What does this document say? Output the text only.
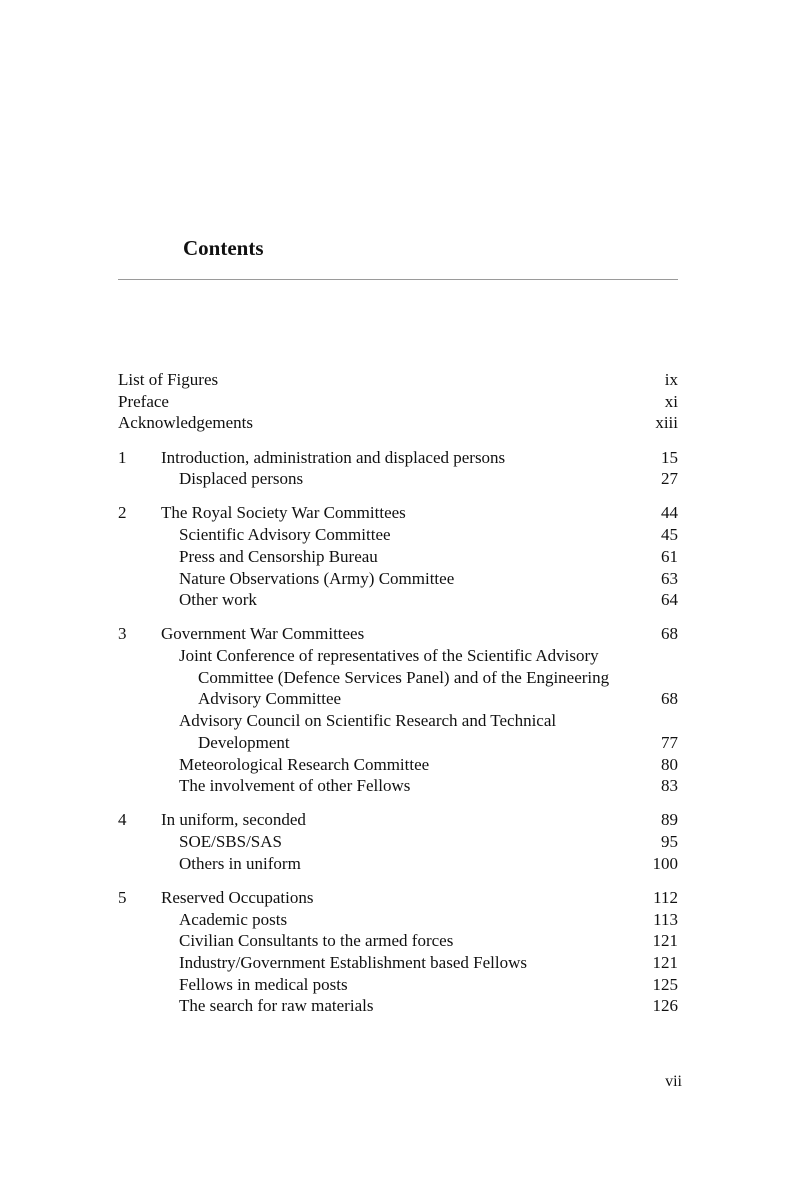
Contents
List of Figures	ix
Preface	xi
Acknowledgements	xiii
1 Introduction, administration and displaced persons	15
Displaced persons	27
2 The Royal Society War Committees	44
Scientific Advisory Committee	45
Press and Censorship Bureau	61
Nature Observations (Army) Committee	63
Other work	64
3 Government War Committees	68
Joint Conference of representatives of the Scientific Advisory
Committee (Defence Services Panel) and of the Engineering
Advisory Committee	68
Advisory Council on Scientific Research and Technical
Development	77
Meteorological Research Committee	80
The involvement of other Fellows	83
4 In uniform, seconded	89
SOE/SBS/SAS	95
Others in uniform	100
5 Reserved Occupations	112
Academic posts	113
Civilian Consultants to the armed forces	121
Industry/Government Establishment based Fellows	121
Fellows in medical posts	125
The search for raw materials	126
vii
